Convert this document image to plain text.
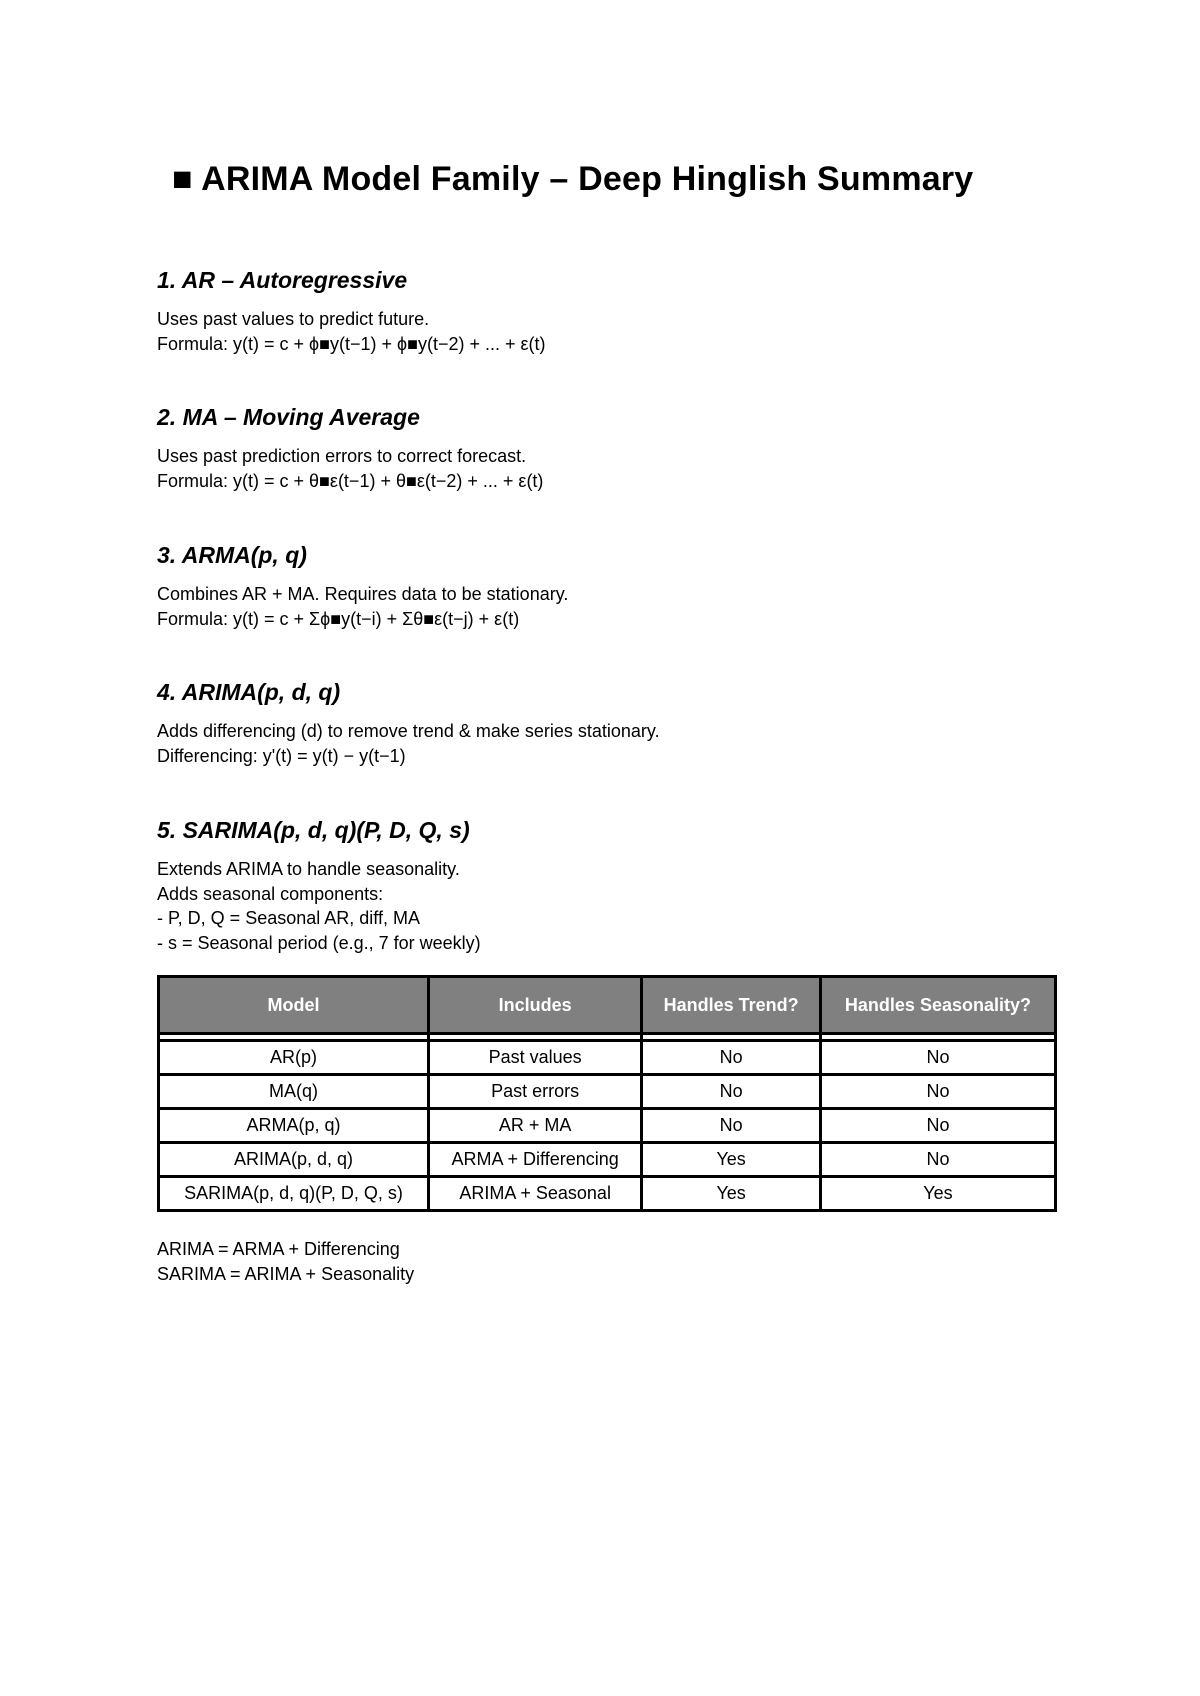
■ ARIMA Model Family – Deep Hinglish Summary
1. AR – Autoregressive
Uses past values to predict future.
Formula: y(t) = c + ϕ■y(t−1) + ϕ■y(t−2) + ... + ε(t)
2. MA – Moving Average
Uses past prediction errors to correct forecast.
Formula: y(t) = c + θ■ε(t−1) + θ■ε(t−2) + ... + ε(t)
3. ARMA(p, q)
Combines AR + MA. Requires data to be stationary.
Formula: y(t) = c + Σϕ■y(t−i) + Σθ■ε(t−j) + ε(t)
4. ARIMA(p, d, q)
Adds differencing (d) to remove trend & make series stationary.
Differencing: y'(t) = y(t) − y(t−1)
5. SARIMA(p, d, q)(P, D, Q, s)
Extends ARIMA to handle seasonality.
Adds seasonal components:
- P, D, Q = Seasonal AR, diff, MA
- s = Seasonal period (e.g., 7 for weekly)
Model	Includes	Handles Trend?	Handles Seasonality?

AR(p)	Past values	No	No
MA(q)	Past errors	No	No
ARMA(p, q)	AR + MA	No	No
ARIMA(p, d, q)	ARMA + Differencing	Yes	No
SARIMA(p, d, q)(P, D, Q, s)	ARIMA + Seasonal	Yes	Yes
ARIMA = ARMA + Differencing
SARIMA = ARIMA + Seasonality
